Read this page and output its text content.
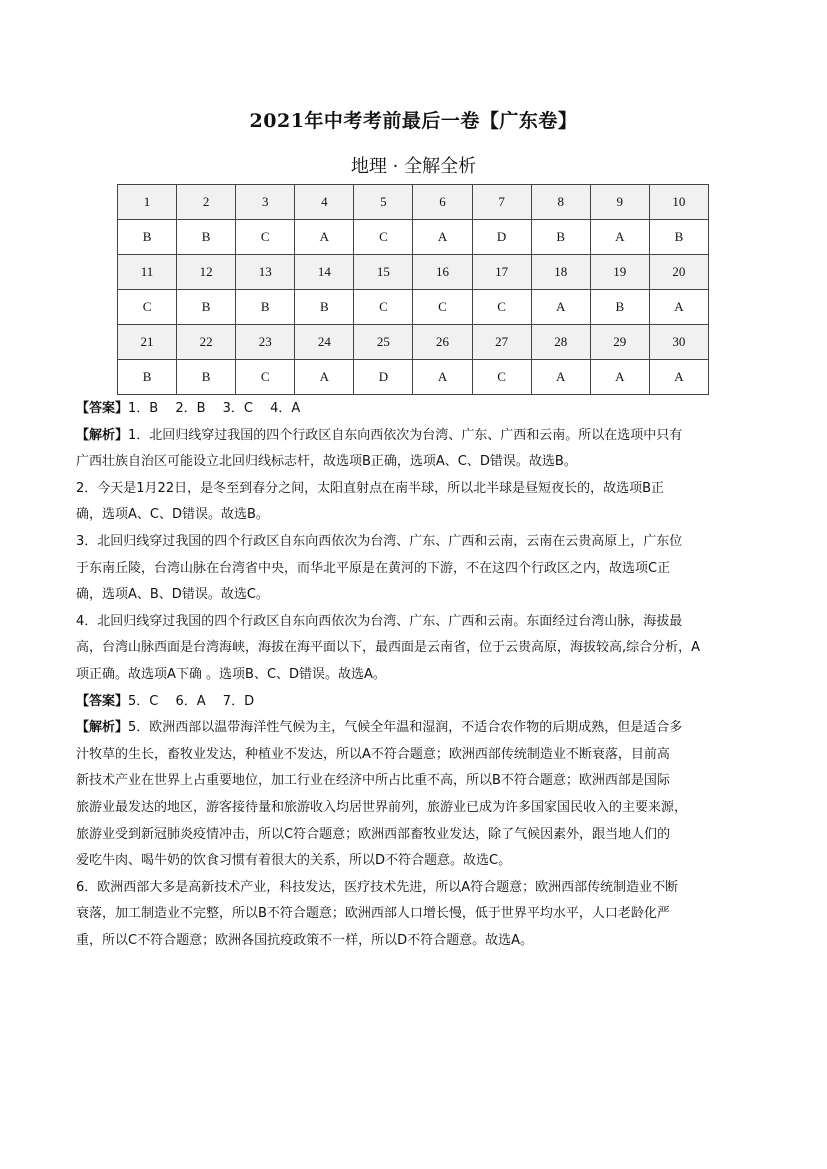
2021年中考考前最后一卷【广东卷】
地理 · 全解全析
1	2	3	4	5	6	7	8	9	10
B	B	C	A	C	A	D	B	A	B
11	12	13	14	15	16	17	18	19	20
C	B	B	B	C	C	C	A	B	A
21	22	23	24	25	26	27	28	29	30
B	B	C	A	D	A	C	A	A	A

【答案】1．B　 2．B　 3．C　 4．A

【解析】1．北回归线穿过我国的四个行政区自东向西依次为台湾、广东、广西和云南。所以在选项中只有

广西壮族自治区可能设立北回归线标志杆，故选项B正确，选项A、C、D错误。故选B。

2．今天是1月22日，是冬至到春分之间，太阳直射点在南半球，所以北半球是昼短夜长的，故选项B正

确，选项A、C、D错误。故选B。

3．北回归线穿过我国的四个行政区自东向西依次为台湾、广东、广西和云南，云南在云贵高原上，广东位

于东南丘陵，台湾山脉在台湾省中央，而华北平原是在黄河的下游，不在这四个行政区之内，故选项C正

确，选项A、B、D错误。故选C。

4．北回归线穿过我国的四个行政区自东向西依次为台湾、广东、广西和云南。东面经过台湾山脉，海拔最

高，台湾山脉西面是台湾海峡，海拔在海平面以下，最西面是云南省，位于云贵高原，海拔较高,综合分析，A

项正确。故选项A下确 。选项B、C、D错误。故选A。

【答案】5．C　 6．A　 7．D

【解析】5．欧洲西部以温带海洋性气候为主，气候全年温和湿润，不适合农作物的后期成熟，但是适合多

汁牧草的生长，畜牧业发达，种植业不发达，所以A不符合题意；欧洲西部传统制造业不断衰落，目前高

新技术产业在世界上占重要地位，加工行业在经济中所占比重不高，所以B不符合题意；欧洲西部是国际

旅游业最发达的地区，游客接待量和旅游收入均居世界前列，旅游业已成为许多国家国民收入的主要来源，

旅游业受到新冠肺炎疫情冲击，所以C符合题意；欧洲西部畜牧业发达，除了气候因素外，跟当地人们的

爱吃牛肉、喝牛奶的饮食习惯有着很大的关系，所以D不符合题意。故选C。

6．欧洲西部大多是高新技术产业，科技发达，医疗技术先进，所以A符合题意；欧洲西部传统制造业不断

衰落，加工制造业不完整，所以B不符合题意；欧洲西部人口增长慢，低于世界平均水平，人口老龄化严

重，所以C不符合题意；欧洲各国抗疫政策不一样，所以D不符合题意。故选A。
